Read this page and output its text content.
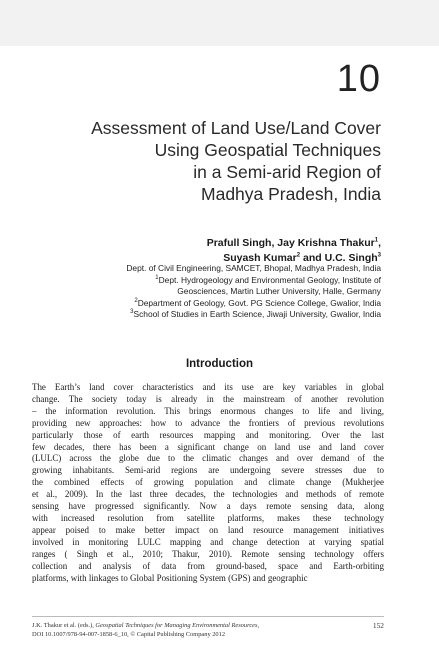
10
Assessment of Land Use/Land Cover
Using Geospatial Techniques
in a Semi-arid Region of
Madhya Pradesh, India
Prafull Singh, Jay Krishna Thakur$^1$,
Suyash Kumar$^2$ and U.C. Singh$^3$
Dept. of Civil Engineering, SAMCET, Bhopal, Madhya Pradesh, India
$^1$Dept. Hydrogeology and Environmental Geology, Institute of
Geosciences, Martin Luther University, Halle, Germany
$^2$Department of Geology, Govt. PG Science College, Gwalior, India
$^3$School of Studies in Earth Science, Jiwaji University, Gwalior, India
Introduction
The Earth’s land cover characteristics and its use are key variables in global
change. The society today is already in the mainstream of another revolution
– the information revolution. This brings enormous changes to life and living,
providing new approaches: how to advance the frontiers of previous revolutions
particularly those of earth resources mapping and monitoring. Over the last
few decades, there has been a significant change on land use and land cover
(LULC) across the globe due to the climatic changes and over demand of the
growing inhabitants. Semi-arid regions are undergoing severe stresses due to
the combined effects of growing population and climate change (Mukherjee
et al., 2009). In the last three decades, the technologies and methods of remote
sensing have progressed significantly. Now a days remote sensing data, along
with increased resolution from satellite platforms, makes these technology
appear poised to make better impact on land resource management initiatives
involved in monitoring LULC mapping and change detection at varying spatial
ranges ( Singh et al., 2010; Thakur, 2010). Remote sensing technology offers
collection and analysis of data from ground-based, space and Earth-orbiting
platforms, with linkages to Global Positioning System (GPS) and geographic
J.K. Thakur et al. (eds.), Geospatial Techniques for Managing Environmental Resources,
DOI 10.1007/978-94-007-1858-6_10, © Capital Publishing Company 2012
152
